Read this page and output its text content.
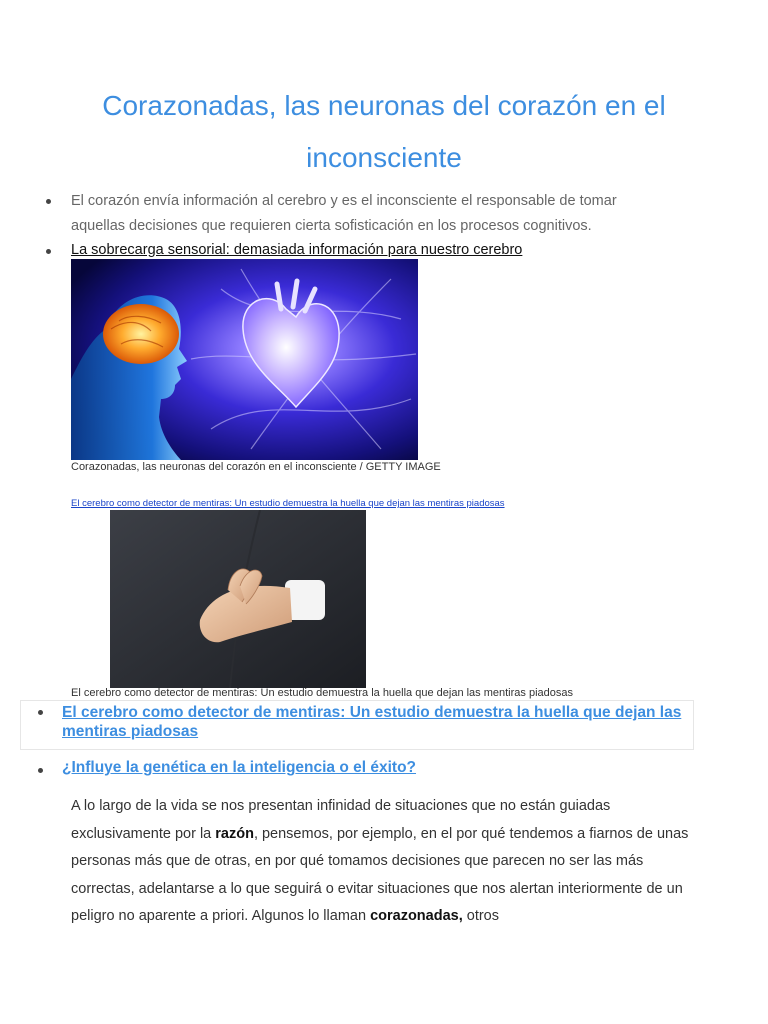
Corazonadas, las neuronas del corazón en el inconsciente
El corazón envía información al cerebro y es el inconsciente el responsable de tomar aquellas decisiones que requieren cierta sofisticación en los procesos cognitivos.
La sobrecarga sensorial: demasiada información para nuestro cerebro
Corazonadas, las neuronas del corazón en el inconsciente / GETTY IMAGE
El cerebro como detector de mentiras: Un estudio demuestra la huella que dejan las mentiras piadosas
El cerebro como detector de mentiras: Un estudio demuestra la huella que dejan las mentiras piadosas
El cerebro como detector de mentiras: Un estudio demuestra la huella que dejan las mentiras piadosas
¿Influye la genética en la inteligencia o el éxito?

A lo largo de la vida se nos presentan infinidad de situaciones que no están guiadas exclusivamente por la razón, pensemos, por ejemplo, en el por qué tendemos a fiarnos de unas personas más que de otras, en por qué tomamos decisiones que parecen no ser las más correctas, adelantarse a lo que seguirá o evitar situaciones que nos alertan interiormente de un peligro no aparente a priori. Algunos lo llaman corazonadas, otros
